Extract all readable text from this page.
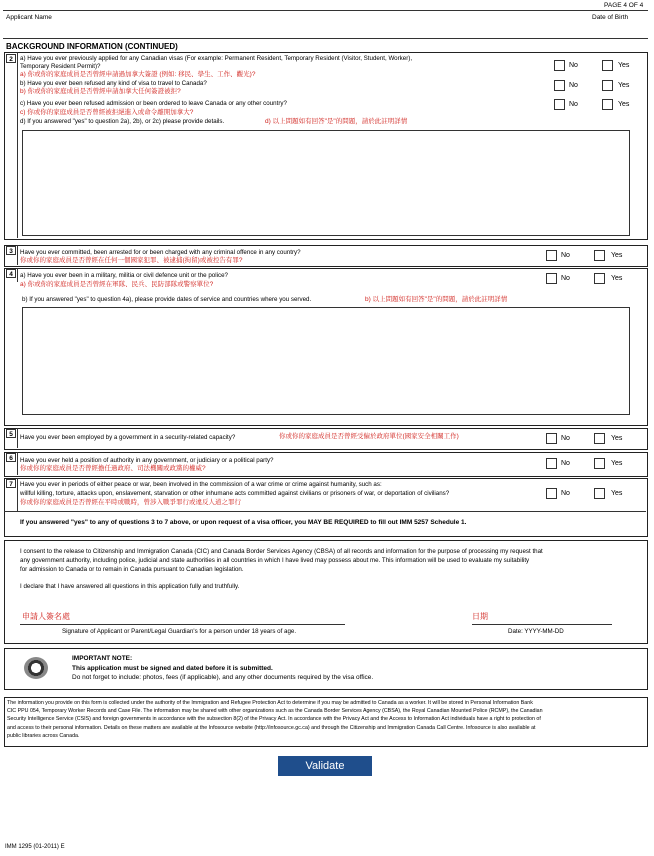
PAGE 4 OF 4
Applicant Name	Date of Birth
BACKGROUND INFORMATION (CONTINUED)
2	a) Have you ever previously applied for any Canadian visas (For example: Permanent Resident, Temporary Resident (Visitor, Student, Worker),
Temporary Resident Permit)?
a) 你或你的家庭成員是否曾經申請過加拿大簽證 (例如: 移民、學生、工作、觀光)?
b) Have you ever been refused any kind of visa to travel to Canada?
b) 你或你的家庭成員是否曾經申請加拿大任何簽證被拒?
c) Have you ever been refused admission or been ordered to leave Canada or any other country?
c) 你或你的家庭成員是否曾經被拒絕進入或命令離開加拿大?
d) If you answered "yes" to question 2a), 2b), or 2c) please provide details.	d) 以上問題如有回答"是"的問題，請於此註明詳情
No	Yes
No	Yes
No	Yes
3	Have you ever committed, been arrested for or been charged with any criminal offence in any country?
你或你的家庭成員是否曾經在任何一個國家犯罪、被逮捕(拘留)或被控告有罪?
No	Yes
4	a) Have you ever been in a military, militia or civil defence unit or the police?
a) 你或你的家庭成員是否曾經在軍隊、民兵、民防部隊或警察單位?
No	Yes
b) If you answered "yes" to question 4a), please provide dates of service and countries where you served.	b) 以上問題如有回答"是"的問題，請於此註明詳情
5	Have you ever been employed by a government in a security-related capacity?	你或你的家庭成員是否曾經受僱於政府單位(國家安全相關工作)	No	Yes
6	Have you ever held a position of authority in any government, or judiciary or a political party?
你或你的家庭成員是否曾經擔任過政府、司法機關或政黨的權威?
No	Yes
7	Have you ever in periods of either peace or war, been involved in the commission of a war crime or crime against humanity, such as:
willful killing, torture, attacks upon, enslavement, starvation or other inhumane acts committed against civilians or prisoners of war, or deportation of civilians?
你或你的家庭成員是否曾經在平時或戰時，曾涉入戰爭罪行或違反人道之罪行
No	Yes
If you answered "yes" to any of questions 3 to 7 above, or upon request of a visa officer, you MAY BE REQUIRED to fill out IMM 5257 Schedule 1.
I consent to the release to Citizenship and Immigration Canada (CIC) and Canada Border Services Agency (CBSA) of all records and information for the purpose of processing my request that
any government authority, including police, judicial and state authorities in all countries in which I have lived may possess about me. This information will be used to evaluate my suitability
for admission to Canada or to remain in Canada pursuant to Canadian legislation.
I declare that I have answered all questions in this application fully and truthfully.
申請人簽名處	日期
Signature of Applicant or Parent/Legal Guardian's for a person under 18 years of age.	Date: YYYY-MM-DD
IMPORTANT NOTE:
This application must be signed and dated before it is submitted.
Do not forget to include: photos, fees (if applicable), and any other documents required by the visa office.
The information you provide on this form is collected under the authority of the Immigration and Refugee Protection Act to determine if you may be admitted to Canada as a worker. It will be stored in Personal Information Bank
CIC PPU 054, Temporary Worker Records and Case File. The information may be shared with other organizations such as the Canada Border Services Agency (CBSA), the Royal Canadian Mounted Police (RCMP), the Canadian
Security Intelligence Service (CSIS) and foreign governments in accordance with the subsection 8(2) of the Privacy Act. In accordance with the Privacy Act and the Access to Information Act individuals have a right to protection of
and access to their personal information. Details on these matters are available at the Infosource website (http://infosource.gc.ca) and through the Citizenship and Immigration Canada Call Centre. Infosource is also available at
public libraries across Canada.
Validate
IMM 1295 (01-2011) E
